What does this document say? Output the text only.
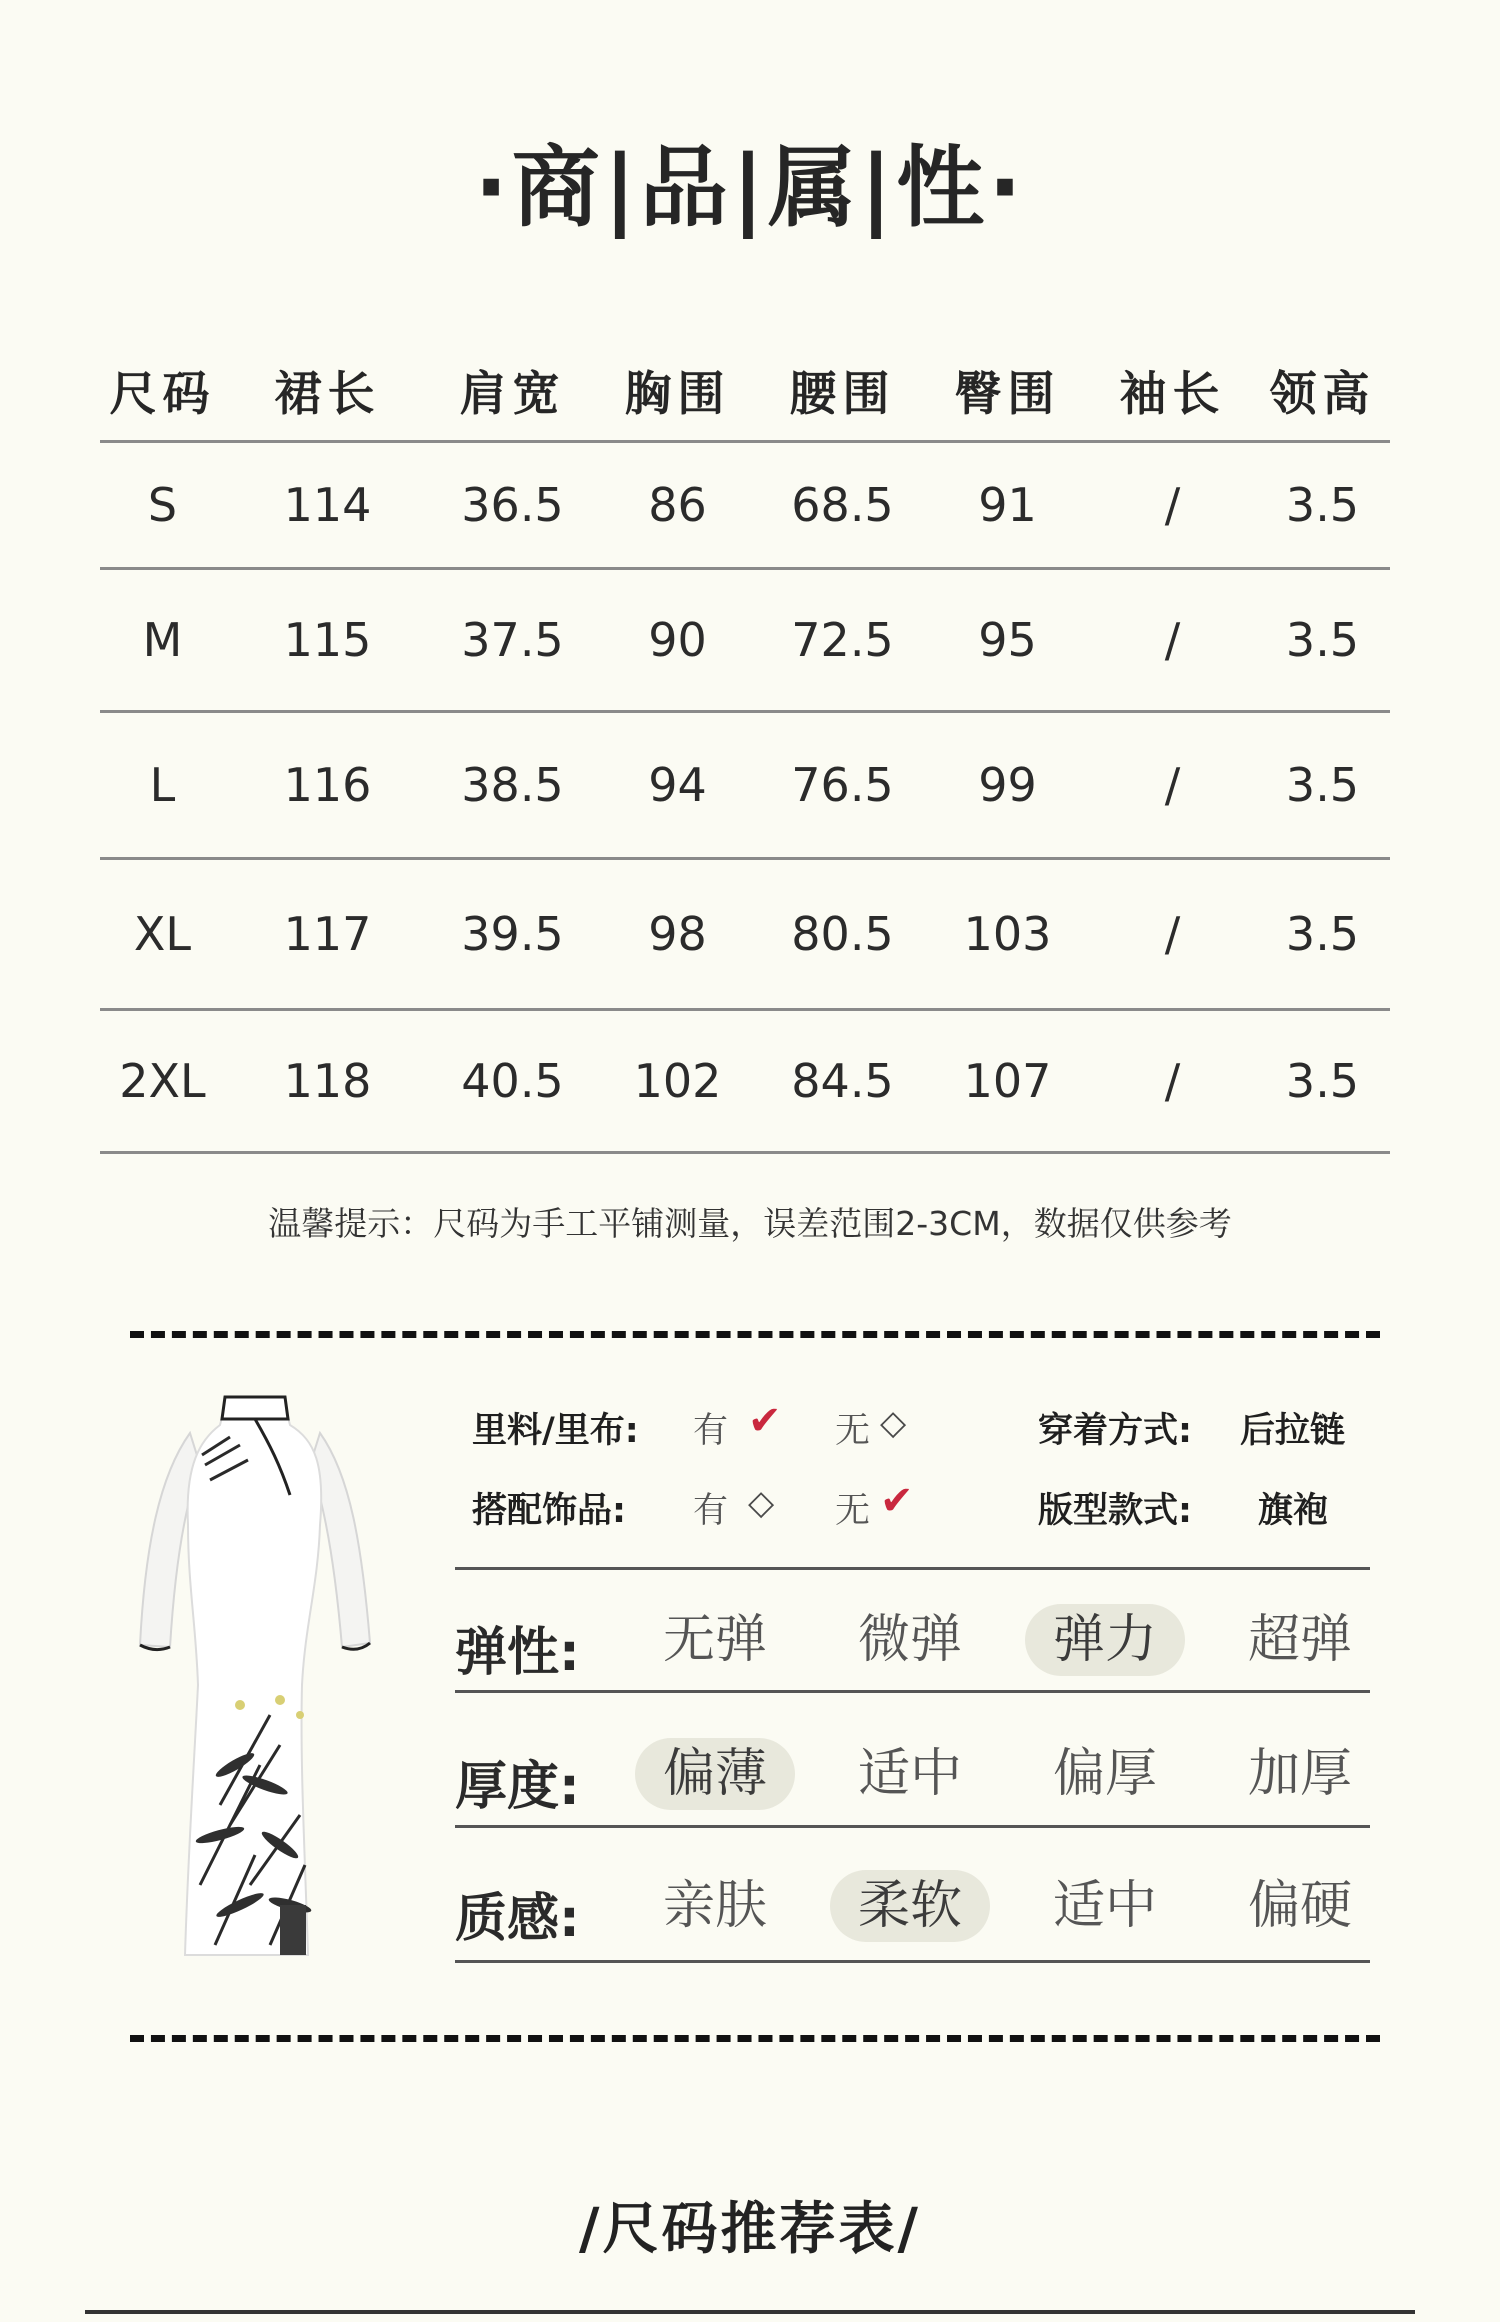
·商|品|属|性·
尺码	裙长	肩宽	胸围	腰围	臀围	袖长 领高
S	114	36.5	86	68.5	91	/	3.5
M	115	37.5	90	72.5	95	/	3.5
L	116	38.5	94	76.5	99	/	3.5
XL	117	39.5	98	80.5	103	/	3.5
2XL	118	40.5	102	84.5	107	/	3.5
温馨提示：尺码为手工平铺测量，误差范围2-3CM，数据仅供参考
里料/里布: 有 ✔ 无 ◇
搭配饰品: 有 ◇ 无 ✔
穿着方式: 后拉链
版型款式: 旗袍
弹性:	无弹	微弹	弹力	超弹
厚度:	偏薄	适中	偏厚	加厚
质感:	亲肤	柔软	适中	偏硬
/尺码推荐表/
